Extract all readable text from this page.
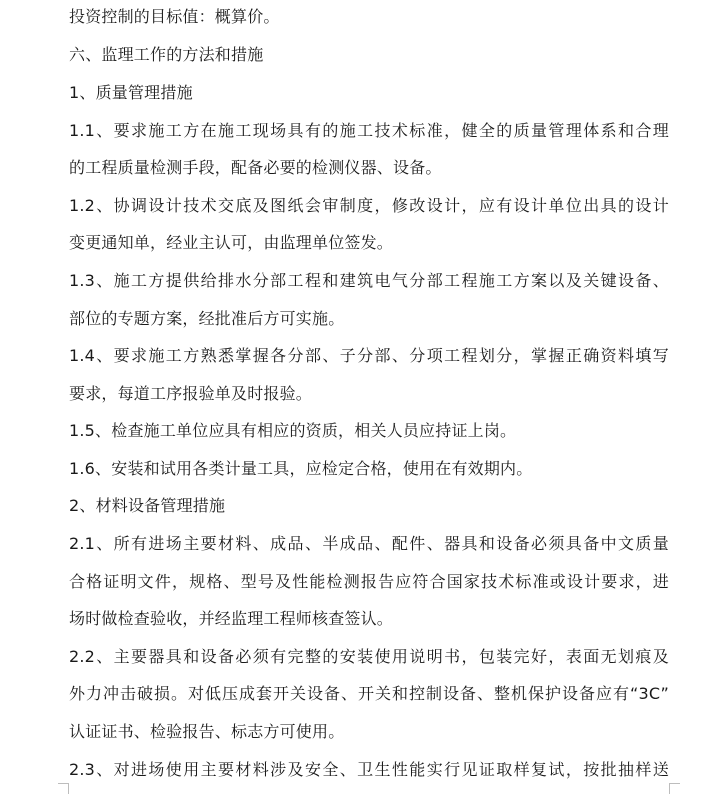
投资控制的目标值：概算价。
六、监理工作的方法和措施
1、质量管理措施
1.1、要求施工方在施工现场具有的施工技术标准，健全的质量管理体系和合理
的工程质量检测手段，配备必要的检测仪器、设备。
1.2、协调设计技术交底及图纸会审制度，修改设计，应有设计单位出具的设计
变更通知单，经业主认可，由监理单位签发。
1.3、施工方提供给排水分部工程和建筑电气分部工程施工方案以及关键设备、
部位的专题方案，经批准后方可实施。
1.4、要求施工方熟悉掌握各分部、子分部、分项工程划分，掌握正确资料填写
要求，每道工序报验单及时报验。
1.5、检查施工单位应具有相应的资质，相关人员应持证上岗。
1.6、安装和试用各类计量工具，应检定合格，使用在有效期内。
2、材料设备管理措施
2.1、所有进场主要材料、成品、半成品、配件、器具和设备必须具备中文质量
合格证明文件，规格、型号及性能检测报告应符合国家技术标准或设计要求，进
场时做检查验收，并经监理工程师核查签认。
2.2、主要器具和设备必须有完整的安装使用说明书，包装完好，表面无划痕及
外力冲击破损。对低压成套开关设备、开关和控制设备、整机保护设备应有“3C”
认证证书、检验报告、标志方可使用。
2.3、对进场使用主要材料涉及安全、卫生性能实行见证取样复试，按批抽样送
